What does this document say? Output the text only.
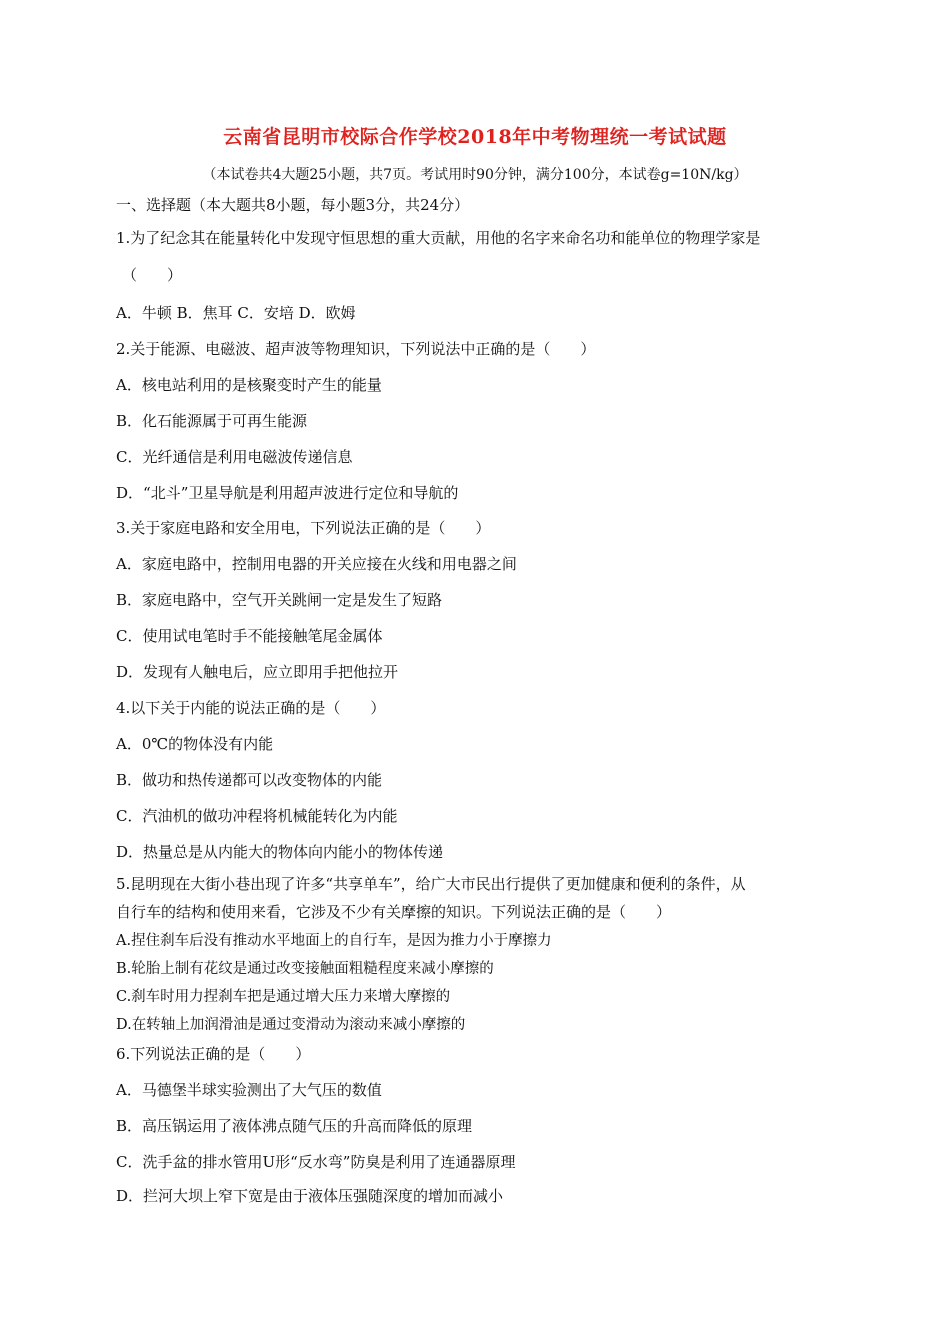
云南省昆明市校际合作学校2018年中考物理统一考试试题
（本试卷共4大题25小题，共7页。考试用时90分钟，满分100分，本试卷g=10N/kg）
一、选择题（本大题共8小题，每小题3分，共24分）
1.为了纪念其在能量转化中发现守恒思想的重大贡献，用他的名字来命名功和能单位的物理学家是
（　　）
A．牛顿 B．焦耳 C．安培 D．欧姆
2.关于能源、电磁波、超声波等物理知识，下列说法中正确的是（　　）
A．核电站利用的是核聚变时产生的能量
B．化石能源属于可再生能源
C．光纤通信是利用电磁波传递信息
D．“北斗”卫星导航是利用超声波进行定位和导航的
3.关于家庭电路和安全用电，下列说法正确的是（　　）
A．家庭电路中，控制用电器的开关应接在火线和用电器之间
B．家庭电路中，空气开关跳闸一定是发生了短路
C．使用试电笔时手不能接触笔尾金属体
D．发现有人触电后，应立即用手把他拉开
4.以下关于内能的说法正确的是（　　）
A．0℃的物体没有内能
B．做功和热传递都可以改变物体的内能
C．汽油机的做功冲程将机械能转化为内能
D．热量总是从内能大的物体向内能小的物体传递
5.昆明现在大街小巷出现了许多“共享单车”，给广大市民出行提供了更加健康和便利的条件，从
自行车的结构和使用来看，它涉及不少有关摩擦的知识。下列说法正确的是（　　）
A.捏住刹车后没有推动水平地面上的自行车，是因为推力小于摩擦力
B.轮胎上制有花纹是通过改变接触面粗糙程度来减小摩擦的
C.刹车时用力捏刹车把是通过增大压力来增大摩擦的
D.在转轴上加润滑油是通过变滑动为滚动来减小摩擦的
6.下列说法正确的是（　　）
A．马德堡半球实验测出了大气压的数值
B．高压锅运用了液体沸点随气压的升高而降低的原理
C．洗手盆的排水管用U形“反水弯”防臭是利用了连通器原理
D．拦河大坝上窄下宽是由于液体压强随深度的增加而减小
